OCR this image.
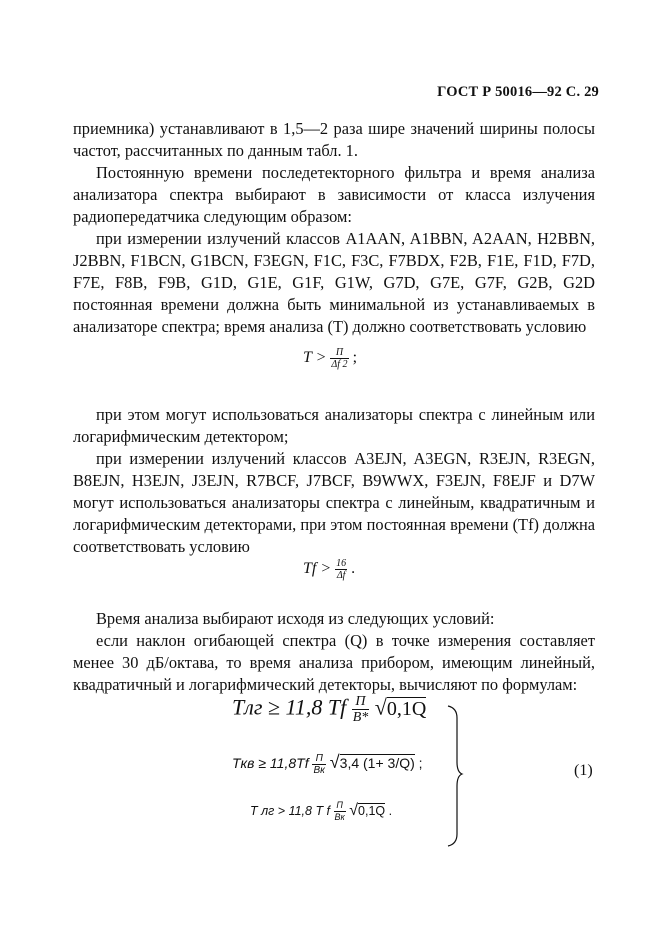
ГОСТ Р 50016—92 С. 29

приемника) устанавливают в 1,5—2 раза шире значений ширины полосы частот, рассчитанных по данным табл. 1.

Постоянную времени последетекторного фильтра и время анализа анализатора спектра выбирают в зависимости от класса излучения радиопередатчика следующим образом:

при измерении излучений классов A1AAN, A1BBN, A2AAN, H2BBN, J2BBN, F1BCN, G1BCN, F3EGN, F1C, F3C, F7BDX, F2B, F1E, F1D, F7D, F7E, F8B, F9B, G1D, G1E, G1F, G1W, G7D, G7E, G7F, G2B, G2D постоянная времени должна быть минимальной из устанавливаемых в анализаторе спектра; время анализа (T) должно соответствовать условию

$T > \frac{П}{\Delta f 2}$ ;

при этом могут использоваться анализаторы спектра с линейным или логарифмическим детектором;

при измерении излучений классов A3EJN, A3EGN, R3EJN, R3EGN, B8EJN, H3EJN, J3EJN, R7BCF, J7BCF, B9WWX, F3EJN, F8EJF и D7W могут использоваться анализаторы спектра с линейным, квадратичным и логарифмическим детекторами, при этом постоянная времени (Tf) должна соответствовать условию

$Tf > \frac{16}{\Delta f}$ .

Время анализа выбирают исходя из следующих условий:

если наклон огибающей спектра (Q) в точке измерения составляет менее 30 дБ/октава, то время анализа прибором, имеющим линейный, квадратичный и логарифмический детекторы, вычисляют по формулам:

Tлг ≥ 11,8 Tf $\frac{П}{B*} √0,1Q$
Tкв ≥ $11,8Tf \frac{П}{Bк} √3,4$ (1+ 3/Q) ;
T лг > 11,8 T f $\frac{П}{Bк} √0,1Q$ .
(1)
